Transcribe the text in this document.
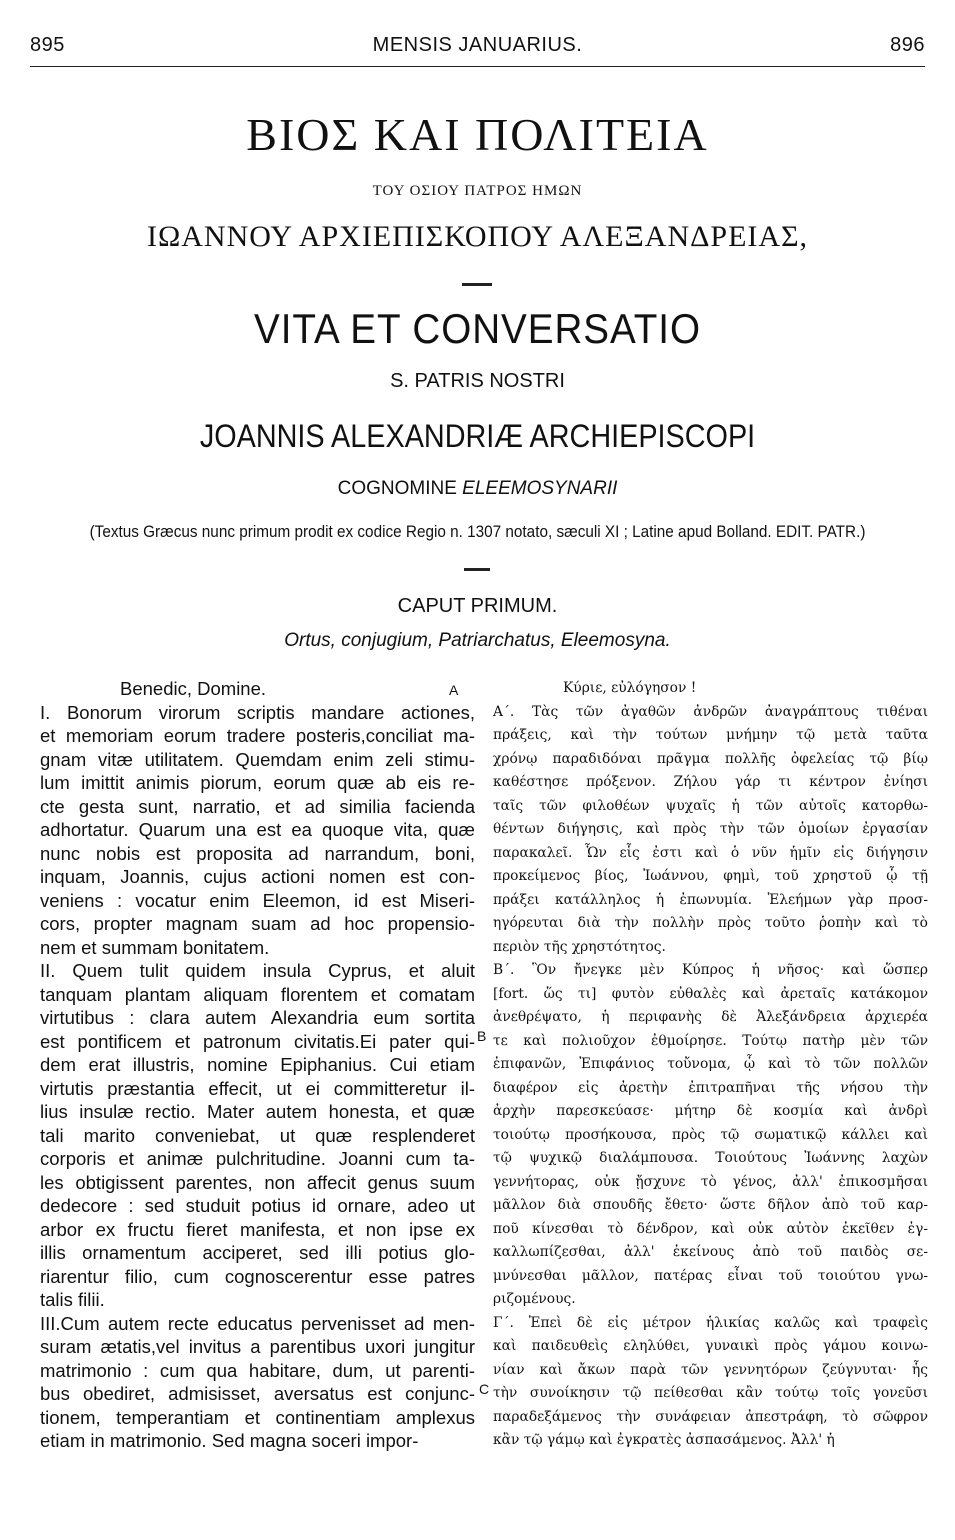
895	MENSIS JANUARIUS.	896
ΒΙΟΣ ΚΑΙ ΠΟΛΙΤΕΙΑ
ΤΟΥ ΟΣΙΟΥ ΠΑΤΡΟΣ ΗΜΩΝ
ΙΩΑΝΝΟΥ ΑΡΧΙΕΠΙΣΚΟΠΟΥ ΑΛΕΞΑΝΔΡΕΙΑΣ,
VITA ET CONVERSATIO
S. PATRIS NOSTRI
JOANNIS ALEXANDRIÆ ARCHIEPISCOPI
COGNOMINE ELEEMOSYNARII
(Textus Græcus nunc primum prodit ex codice Regio n. 1307 notato, sæculi XI ; Latine apud Bolland. EDIT. PATR.)
CAPUT PRIMUM.
Ortus, conjugium, Patriarchatus, Eleemosyna.
Benedic, Domine.
I. Bonorum virorum scriptis mandare actiones,
et memoriam eorum tradere posteris,conciliat ma-
gnam vitæ utilitatem. Quemdam enim zeli stimu-
lum imittit animis piorum, eorum quæ ab eis re-
cte gesta sunt, narratio, et ad similia facienda
adhortatur. Quarum una est ea quoque vita, quæ
nunc nobis est proposita ad narrandum, boni,
inquam, Joannis, cujus actioni nomen est con-
veniens : vocatur enim Eleemon, id est Miseri-
cors, propter magnam suam ad hoc propensio-
nem et summam bonitatem.
II. Quem tulit quidem insula Cyprus, et aluit
tanquam plantam aliquam florentem et comatam
virtutibus : clara autem Alexandria eum sortita
est pontificem et patronum civitatis.Ei pater qui-
dem erat illustris, nomine Epiphanius. Cui etiam
virtutis præstantia effecit, ut ei committeretur il-
lius insulæ rectio. Mater autem honesta, et quæ
tali marito conveniebat, ut quæ resplenderet
corporis et animæ pulchritudine. Joanni cum ta-
les obtigissent parentes, non affecit genus suum
dedecore : sed studuit potius id ornare, adeo ut
arbor ex fructu fieret manifesta, et non ipse ex
illis ornamentum acciperet, sed illi potius glo-
riarentur filio, cum cognoscerentur esse patres
talis filii.
III.Cum autem recte educatus pervenisset ad men-
suram ætatis,vel invitus a parentibus uxori jungitur
matrimonio : cum qua habitare, dum, ut parenti-
bus obediret, admisisset, aversatus est conjunc-
tionem, temperantiam et continentiam amplexus
etiam in matrimonio. Sed magna soceri impor-
Κύριε, εὐλόγησον !
Α΄. Τὰς τῶν ἀγαθῶν ἀνδρῶν ἀναγράπτους τιθέναι
πράξεις, καὶ τὴν τούτων μνήμην τῷ μετὰ ταῦτα
χρόνῳ παραδιδόναι πρᾶγμα πολλῆς ὀφελείας τῷ βίῳ
καθέστησε πρόξενον. Ζήλου γάρ τι κέντρον ἐνίησι
ταῖς τῶν φιλοθέων ψυχαῖς ἡ τῶν αὐτοῖς κατορθω-
θέντων διήγησις, καὶ πρὸς τὴν τῶν ὁμοίων ἐργασίαν
παρακαλεῖ. Ὧν εἷς ἐστι καὶ ὁ νῦν ἡμῖν εἰς διήγησιν
προκείμενος βίος, Ἰωάννου, φημὶ, τοῦ χρηστοῦ ᾧ τῇ
πράξει κατάλληλος ἡ ἐπωνυμία. Ἐλεήμων γὰρ προσ-
ηγόρευται διὰ τὴν πολλὴν πρὸς τοῦτο ῥοπὴν καὶ τὸ
περιὸν τῆς χρηστότητος.
Β΄. Ὃν ἤνεγκε μὲν Κύπρος ἡ νῆσος· καὶ ὥσπερ
[fort. ὥς τι] φυτὸν εὐθαλὲς καὶ ἀρεταῖς κατάκομον
ἀνεθρέψατο, ἡ περιφανὴς δὲ Ἀλεξάνδρεια ἀρχιερέα
τε καὶ πολιοῦχον ἐθμοίρησε. Τούτῳ πατὴρ μὲν τῶν
ἐπιφανῶν, Ἐπιφάνιος τοὔνομα, ᾧ καὶ τὸ τῶν πολλῶν
διαφέρον εἰς ἀρετὴν ἐπιτραπῆναι τῆς νήσου τὴν
ἀρχὴν παρεσκεύασε· μήτηρ δὲ κοσμία καὶ ἀνδρὶ
τοιούτῳ προσήκουσα, πρὸς τῷ σωματικῷ κάλλει καὶ
τῷ ψυχικῷ διαλάμπουσα. Τοιούτους Ἰωάννης λαχὼν
γεννήτορας, οὐκ ᾔσχυνε τὸ γένος, ἀλλ' ἐπικοσμῆσαι
μᾶλλον διὰ σπουδῆς ἔθετο· ὥστε δῆλον ἀπὸ τοῦ καρ-
ποῦ κίνεσθαι τὸ δένδρον, καὶ οὐκ αὐτὸν ἐκεῖθεν ἐγ-
καλλωπίζεσθαι, ἀλλ' ἐκείνους ἀπὸ τοῦ παιδὸς σε-
μνύνεσθαι μᾶλλον, πατέρας εἶναι τοῦ τοιούτου γνω-
ριζομένους.
Γ΄. Ἐπεὶ δὲ εἰς μέτρον ἡλικίας καλῶς καὶ τραφεὶς
καὶ παιδευθεὶς εληλύθει, γυναικὶ πρὸς γάμου κοινω-
νίαν καὶ ἄκων παρὰ τῶν γεννητόρων ζεύγνυται· ἧς
τὴν συνοίκησιν τῷ πείθεσθαι κἂν τούτῳ τοῖς γονεῦσι
παραδεξάμενος τὴν συνάφειαν ἀπεστράφη, τὸ σῶφρον
κἂν τῷ γάμῳ καὶ ἐγκρατὲς ἀσπασάμενος. Ἀλλ' ἡ
A
B
C
